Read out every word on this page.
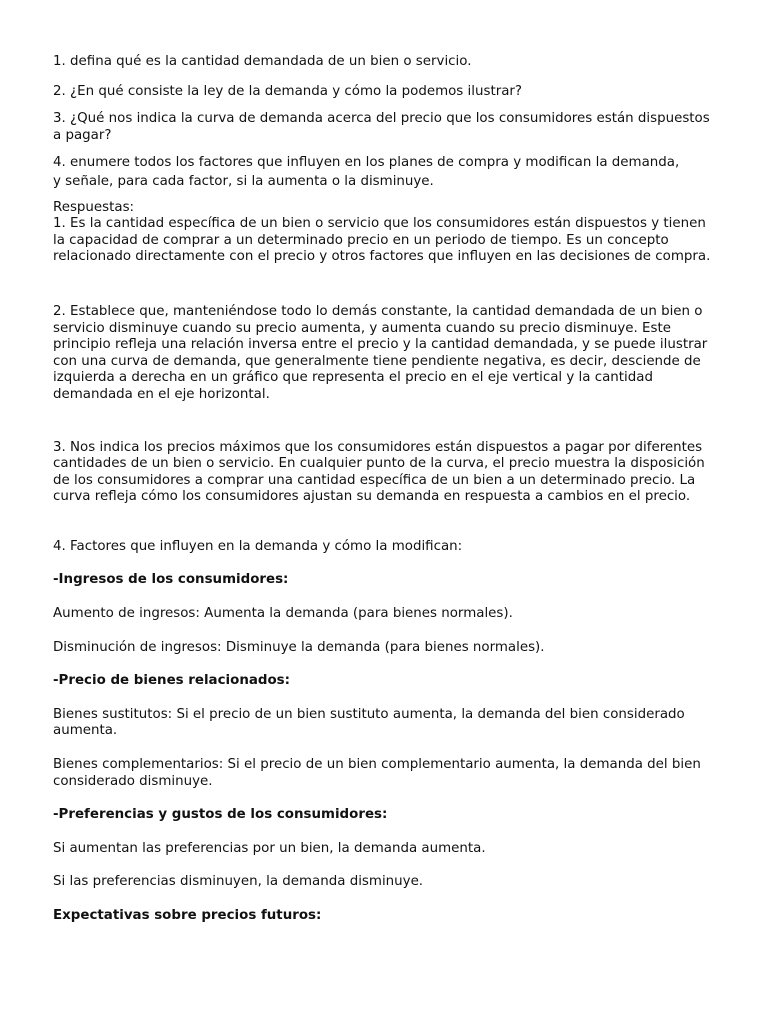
1. defina qué es la cantidad demandada de un bien o servicio.

2. ¿En qué consiste la ley de la demanda y cómo la podemos ilustrar?

3. ¿Qué nos indica la curva de demanda acerca del precio que los consumidores están dispuestos a pagar?

4. enumere todos los factores que influyen en los planes de compra y modifican la demanda,
y señale, para cada factor, si la aumenta o la disminuye.

Respuestas:

1. Es la cantidad específica de un bien o servicio que los consumidores están dispuestos y tienen la capacidad de comprar a un determinado precio en un periodo de tiempo. Es un concepto relacionado directamente con el precio y otros factores que influyen en las decisiones de compra.

2. Establece que, manteniéndose todo lo demás constante, la cantidad demandada de un bien o servicio disminuye cuando su precio aumenta, y aumenta cuando su precio disminuye. Este principio refleja una relación inversa entre el precio y la cantidad demandada, y se puede ilustrar con una curva de demanda, que generalmente tiene pendiente negativa, es decir, desciende de izquierda a derecha en un gráfico que representa el precio en el eje vertical y la cantidad demandada en el eje horizontal.

3. Nos indica los precios máximos que los consumidores están dispuestos a pagar por diferentes cantidades de un bien o servicio. En cualquier punto de la curva, el precio muestra la disposición de los consumidores a comprar una cantidad específica de un bien a un determinado precio. La curva refleja cómo los consumidores ajustan su demanda en respuesta a cambios en el precio.

4. Factores que influyen en la demanda y cómo la modifican:

-Ingresos de los consumidores:

Aumento de ingresos: Aumenta la demanda (para bienes normales).

Disminución de ingresos: Disminuye la demanda (para bienes normales).

-Precio de bienes relacionados:

Bienes sustitutos: Si el precio de un bien sustituto aumenta, la demanda del bien considerado aumenta.

Bienes complementarios: Si el precio de un bien complementario aumenta, la demanda del bien considerado disminuye.

-Preferencias y gustos de los consumidores:

Si aumentan las preferencias por un bien, la demanda aumenta.

Si las preferencias disminuyen, la demanda disminuye.

Expectativas sobre precios futuros:
